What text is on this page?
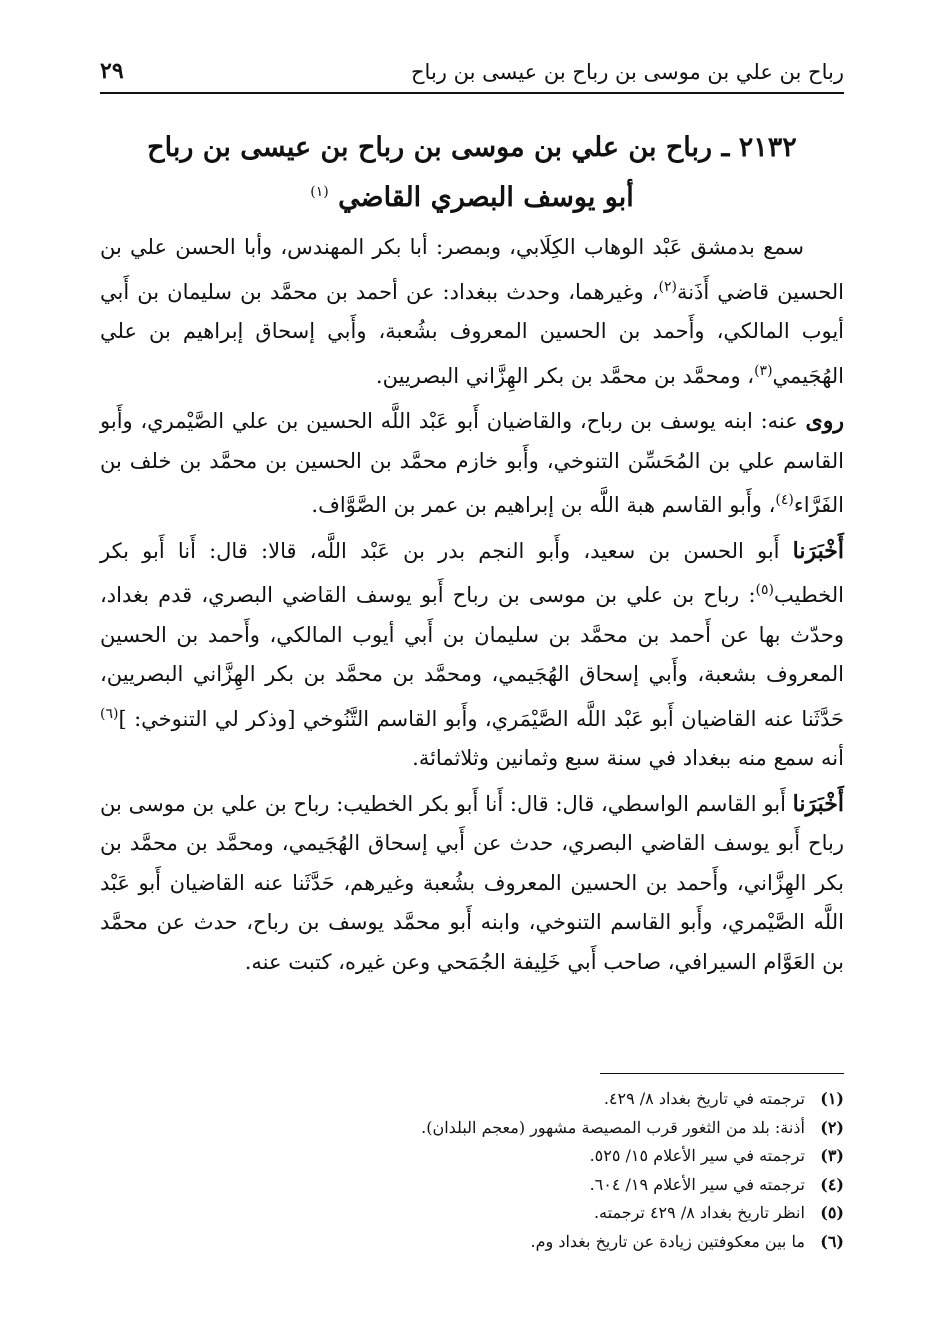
رباح بن علي بن موسى بن رباح بن عيسى بن رباح
٢٩
٢١٣٢ ـ رباح بن علي بن موسى بن رباح بن عيسى بن رباح
أبو يوسف البصري القاضي $^{(١)}$

سمع بدمشق عَبْد الوهاب الكِلَابي، وبمصر: أبا بكر المهندس، وأبا الحسن علي بن الحسين قاضي أَذَنة$^{(٢)}$، وغيرهما، وحدث ببغداد: عن أحمد بن محمَّد بن سليمان بن أَبي أيوب المالكي، وأَحمد بن الحسين المعروف بشُعبة، وأَبي إسحاق إبراهيم بن علي الهُجَيمي$^{(٣)}$، ومحمَّد بن محمَّد بن بكر الهِزَّاني البصريين.

روى عنه: ابنه يوسف بن رباح، والقاضيان أَبو عَبْد اللَّه الحسين بن علي الصَّيْمري، وأَبو القاسم علي بن المُحَسِّن التنوخي، وأَبو خازم محمَّد بن الحسين بن محمَّد بن خلف بن الفَرَّاء$^{(٤)}$، وأَبو القاسم هبة اللَّه بن إبراهيم بن عمر بن الصَّوَّاف.

أَخْبَرَنا أَبو الحسن بن سعيد، وأَبو النجم بدر بن عَبْد اللَّه، قالا: قال: أَنا أَبو بكر الخطيب$^{(٥)}$: رباح بن علي بن موسى بن رباح أَبو يوسف القاضي البصري، قدم بغداد، وحدّث بها عن أَحمد بن محمَّد بن سليمان بن أَبي أيوب المالكي، وأَحمد بن الحسين المعروف بشعبة، وأَبي إسحاق الهُجَيمي، ومحمَّد بن محمَّد بن بكر الهِزَّاني البصريين، حَدَّثَنا عنه القاضيان أَبو عَبْد اللَّه الصَّيْمَري، وأَبو القاسم التَّنُوخي [وذكر لي التنوخي: ]$^{(٦)}$ أنه سمع منه ببغداد في سنة سبع وثمانين وثلاثمائة.

أَخْبَرَنا أَبو القاسم الواسطي، قال: قال: أَنا أَبو بكر الخطيب: رباح بن علي بن موسى بن رباح أَبو يوسف القاضي البصري، حدث عن أَبي إسحاق الهُجَيمي، ومحمَّد بن محمَّد بن بكر الهِزَّاني، وأَحمد بن الحسين المعروف بشُعبة وغيرهم، حَدَّثَنا عنه القاضيان أَبو عَبْد اللَّه الصَّيْمري، وأَبو القاسم التنوخي، وابنه أَبو محمَّد يوسف بن رباح، حدث عن محمَّد بن العَوَّام السيرافي، صاحب أَبي خَلِيفة الجُمَحي وعن غيره، كتبت عنه.

(١) ترجمته في تاريخ بغداد ٨/ ٤٢٩.
(٢) أذنة: بلد من الثغور قرب المصيصة مشهور (معجم البلدان).
(٣) ترجمته في سير الأعلام ١٥/ ٥٢٥.
(٤) ترجمته في سير الأعلام ١٩/ ٦٠٤.
(٥) انظر تاريخ بغداد ٨/ ٤٢٩ ترجمته.
(٦) ما بين معكوفتين زيادة عن تاريخ بغداد وم.
